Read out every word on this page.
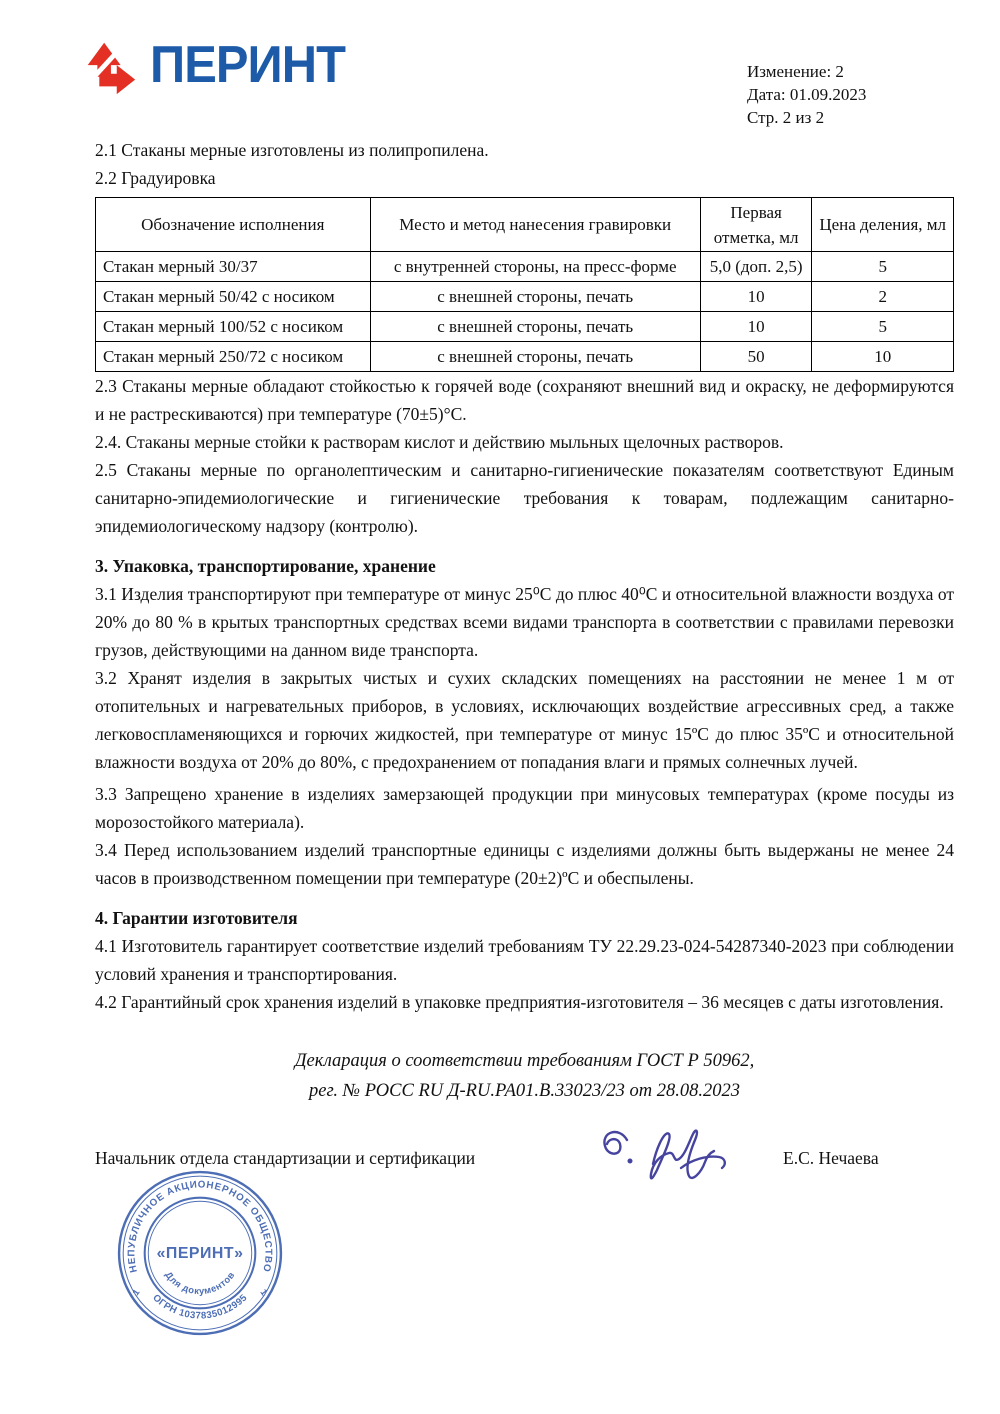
ПЕРИНТ	Изменение: 2
Дата: 01.09.2023
Стр. 2 из 2

2.1 Стаканы мерные изготовлены из полипропилена.

2.2 Градуировка

Обозначение исполнения	Место и метод нанесения гравировки	Первая отметка, мл	Цена деления, мл
Стакан мерный 30/37	с внутренней стороны, на пресс-форме	5,0 (доп. 2,5)	5
Стакан мерный 50/42 с носиком	с внешней стороны, печать	10	2
Стакан мерный 100/52 с носиком	с внешней стороны, печать	10	5
Стакан мерный 250/72 с носиком	с внешней стороны, печать	50	10

2.3 Стаканы мерные обладают стойкостью к горячей воде (сохраняют внешний вид и окраску, не деформируются и не растрескиваются) при температуре (70±5)°С.

2.4. Стаканы мерные стойки к растворам кислот и действию мыльных щелочных растворов.

2.5 Стаканы мерные по органолептическим и санитарно-гигиенические показателям соответствуют Единым санитарно-эпидемиологические и гигиенические требования к товарам, подлежащим санитарно-эпидемиологическому надзору (контролю).

3. Упаковка, транспортирование, хранение

3.1 Изделия транспортируют при температуре от минус 25⁰С до плюс 40⁰С и относительной влажности воздуха от 20% до 80 % в крытых транспортных средствах всеми видами транспорта в соответствии с правилами перевозки грузов, действующими на данном виде транспорта.

3.2 Хранят изделия в закрытых чистых и сухих складских помещениях на расстоянии не менее 1 м от отопительных и нагревательных приборов, в условиях, исключающих воздействие агрессивных сред, а также легковоспламеняющихся и горючих жидкостей, при температуре от минус 15ºС до плюс 35ºС и относительной влажности воздуха от 20% до 80%, с предохранением от попадания влаги и прямых солнечных лучей.

3.3 Запрещено хранение в изделиях замерзающей продукции при минусовых температурах (кроме посуды из морозостойкого материала).

3.4 Перед использованием изделий транспортные единицы с изделиями должны быть выдержаны не менее 24 часов в производственном помещении при температуре (20±2)ºС и обеспылены.

4. Гарантии изготовителя

4.1 Изготовитель гарантирует соответствие изделий требованиям ТУ 22.29.23-024-54287340-2023 при соблюдении условий хранения и транспортирования.

4.2 Гарантийный срок хранения изделий в упаковке предприятия-изготовителя – 36 месяцев с даты изготовления.

Декларация о соответствии требованиям ГОСТ Р 50962,
рег. № РОСС RU Д-RU.РА01.В.33023/23 от 28.08.2023
Начальник отдела стандартизации и сертификации	Е.С. Нечаева
НЕПУБЛИЧНОЕ АКЦИОНЕРНОЕ ОБЩЕСТВО
ОГРН 1037835012995
Для документов
1	1
«ПЕРИНТ»
